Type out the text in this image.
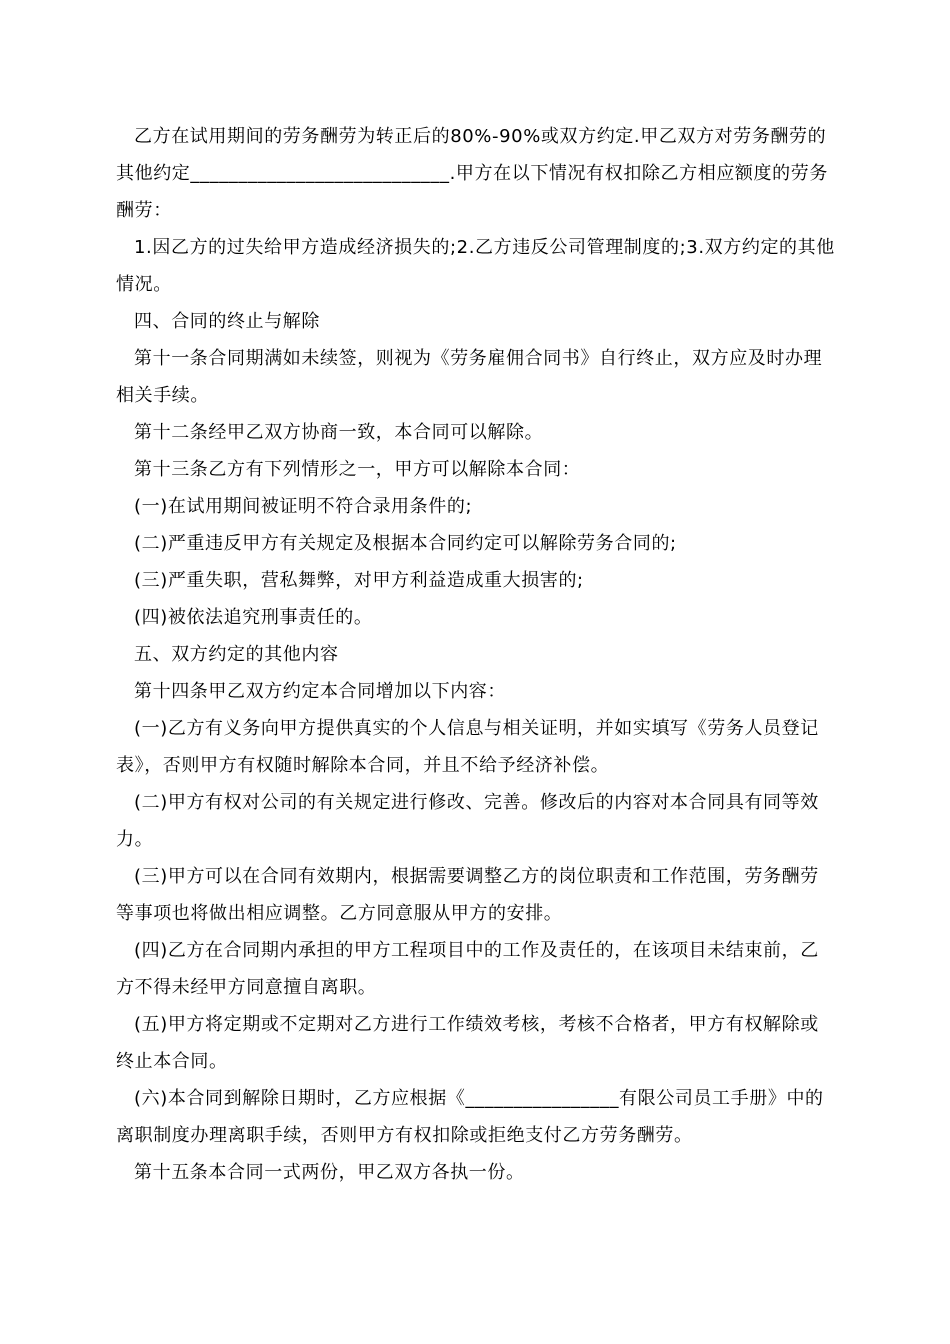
乙方在试用期间的劳务酬劳为转正后的80%-90%或双方约定.甲乙双方对劳务酬劳的其他约定___________________________.甲方在以下情况有权扣除乙方相应额度的劳务酬劳：

1.因乙方的过失给甲方造成经济损失的;2.乙方违反公司管理制度的;3.双方约定的其他情况。

四、合同的终止与解除

第十一条合同期满如未续签，则视为《劳务雇佣合同书》自行终止，双方应及时办理相关手续。

第十二条经甲乙双方协商一致，本合同可以解除。

第十三条乙方有下列情形之一，甲方可以解除本合同：

(一)在试用期间被证明不符合录用条件的;

(二)严重违反甲方有关规定及根据本合同约定可以解除劳务合同的;

(三)严重失职，营私舞弊，对甲方利益造成重大损害的;

(四)被依法追究刑事责任的。

五、双方约定的其他内容

第十四条甲乙双方约定本合同增加以下内容：

(一)乙方有义务向甲方提供真实的个人信息与相关证明，并如实填写《劳务人员登记表》，否则甲方有权随时解除本合同，并且不给予经济补偿。

(二)甲方有权对公司的有关规定进行修改、完善。修改后的内容对本合同具有同等效力。

(三)甲方可以在合同有效期内，根据需要调整乙方的岗位职责和工作范围，劳务酬劳等事项也将做出相应调整。乙方同意服从甲方的安排。

(四)乙方在合同期内承担的甲方工程项目中的工作及责任的，在该项目未结束前，乙方不得未经甲方同意擅自离职。

(五)甲方将定期或不定期对乙方进行工作绩效考核，考核不合格者，甲方有权解除或终止本合同。

(六)本合同到解除日期时，乙方应根据《________________有限公司员工手册》中的离职制度办理离职手续，否则甲方有权扣除或拒绝支付乙方劳务酬劳。

第十五条本合同一式两份，甲乙双方各执一份。
